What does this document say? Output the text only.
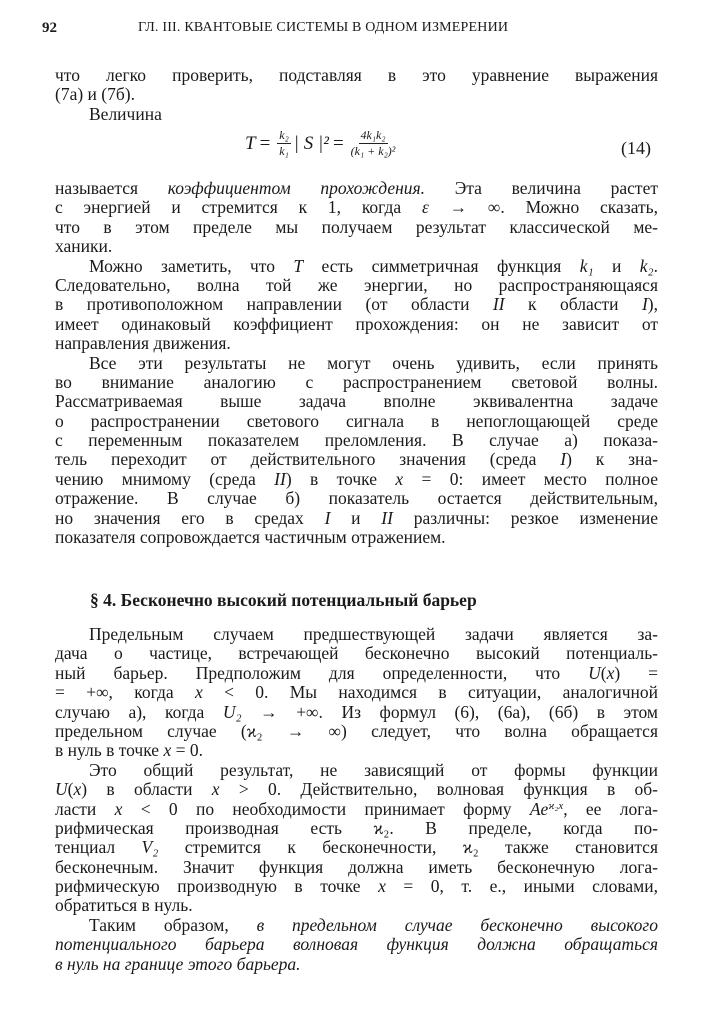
92	ГЛ. III. КВАНТОВЫЕ СИСТЕМЫ В ОДНОМ ИЗМЕРЕНИИ
что легко проверить, подставляя в это уравнение выражения
(7а) и (7б).
Величина
$T = \frac{\text{k₂}}{\text{k₁}}$ | S $|^2 = \frac{\text{4k₁k₂}}{\text{(k₁ + k₂)²}}$	(14)
называется коэффициентом прохождения. Эта величина растет
с энергией и стремится к 1, когда ε → ∞. Можно сказать,
что в этом пределе мы получаем результат классической ме-
ханики.
Можно заметить, что T есть симметричная функция k₁ и k₂.
Следовательно, волна той же энергии, но распространяющаяся
в противоположном направлении (от области II к области I),
имеет одинаковый коэффициент прохождения: он не зависит от
направления движения.
Все эти результаты не могут очень удивить, если принять
во внимание аналогию с распространением световой волны.
Рассматриваемая выше задача вполне эквивалентна задаче
о распространении светового сигнала в непоглощающей среде
с переменным показателем преломления. В случае а) показа-
тель переходит от действительного значения (среда I) к зна-
чению мнимому (среда II) в точке x = 0: имеет место полное
отражение. В случае б) показатель остается действительным,
но значения его в средах I и II различны: резкое изменение
показателя сопровождается частичным отражением.
§ 4. Бесконечно высокий потенциальный барьер
Предельным случаем предшествующей задачи является за-
дача о частице, встречающей бесконечно высокий потенциаль-
ный барьер. Предположим для определенности, что U(x) =
= +∞, когда x < 0. Мы находимся в ситуации, аналогичной
случаю а), когда U₂ → +∞. Из формул (6), (6а), (6б) в этом
предельном случае (ϰ₂ → ∞) следует, что волна обращается
в нуль в точке x = 0.
Это общий результат, не зависящий от формы функции
U(x) в области x > 0. Действительно, волновая функция в об-
ласти x < 0 по необходимости принимает форму $Ae^{ϰ_2x}$, ее лога-
рифмическая производная есть ϰ₂. В пределе, когда по-
тенциал V₂ стремится к бесконечности, ϰ₂ также становится
бесконечным. Значит функция должна иметь бесконечную лога-
рифмическую производную в точке x = 0, т. е., иными словами,
обратиться в нуль.
Таким образом, в предельном случае бесконечно высокого
потенциального барьера волновая функция должна обращаться
в нуль на границе этого барьера.
